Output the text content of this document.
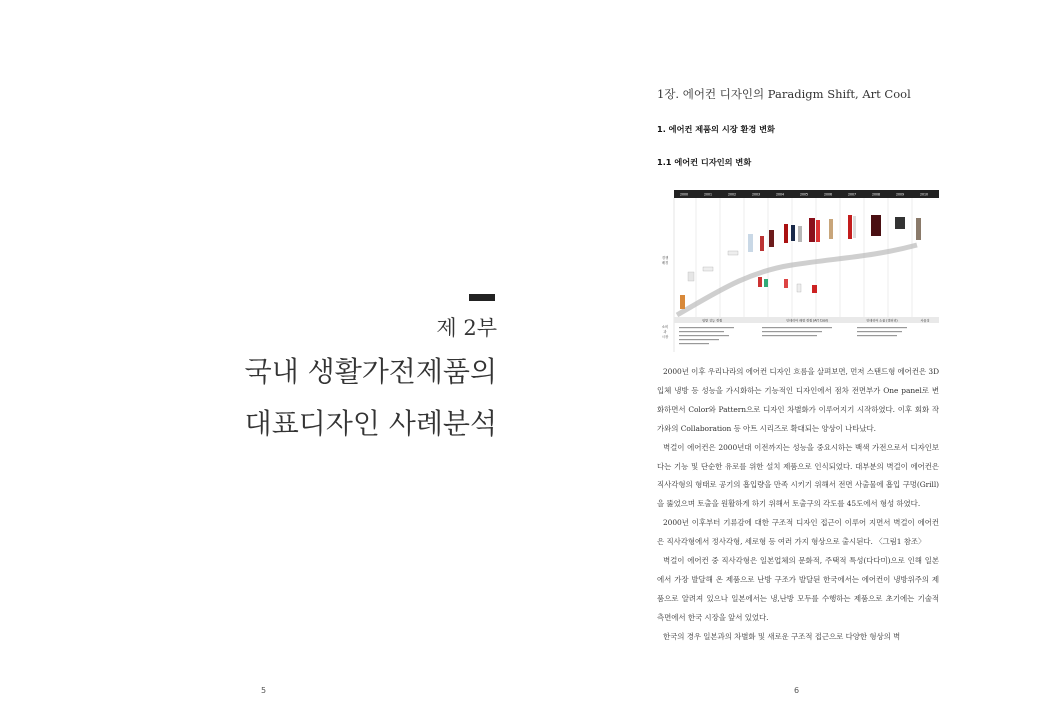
제 2부
국내 생활가전제품의
대표디자인 사례분석
5
1장. 에어컨 디자인의 Paradigm Shift, Art Cool
1. 에어컨 제품의 시장 환경 변화
1.1 에어컨 디자인의 변화
2000	2001	2002	2003	2004	2005	2006	2007	2008	2009	2010
경쟁
배경
소비
과
시장
냉방 성능 경쟁	인테리어 배럴 경쟁 (Art Cool)	인테리어 소품 (갤러리)	사용성

2000년 이후 우리나라의 에어컨 디자인 흐름을 살펴보면, 먼저 스탠드형 에어컨은 3D 입체 냉방 등 성능을 가시화하는 기능적인 디자인에서 점차 전면부가 One panel로 변화하면서 Color와 Pattern으로 디자인 차별화가 이루어지기 시작하였다. 이후 회화 작가와의 Collaboration 등 아트 시리즈로 확대되는 양상이 나타났다.

벽걸이 에어컨은 2000년대 이전까지는 성능을 중요시하는 백색 가전으로서 디자인보다는 기능 및 단순한 유로를 위한 설치 제품으로 인식되었다. 대부분의 벽걸이 에어컨은 직사각형의 형태로 공기의 흡입량을 만족 시키기 위해서 전면 사출물에 흡입 구멍(Grill)을 뚫었으며 토출을 원활하게 하기 위해서 토출구의 각도를 45도에서 형성 하였다.

2000년 이후부터 기류감에 대한 구조적 디자인 접근이 이루어 지면서 벽걸이 에어컨은 직사각형에서 정사각형, 세로형 등 여러 가지 형상으로 출시된다. 〈그림1 참조〉

벽걸이 에어컨 중 직사각형은 일본업체의 문화적, 주택적 특성(다다미)으로 인해 일본에서 가장 발달해 온 제품으로 난방 구조가 발달된 한국에서는 에어컨이 냉방위주의 제품으로 알려져 있으나 일본에서는 냉,난방 모두를 수행하는 제품으로 초기에는 기술적 측면에서 한국 시장을 앞서 있었다.

한국의 경우 일본과의 차별화 및 새로운 구조적 접근으로 다양한 형상의 벽

6
